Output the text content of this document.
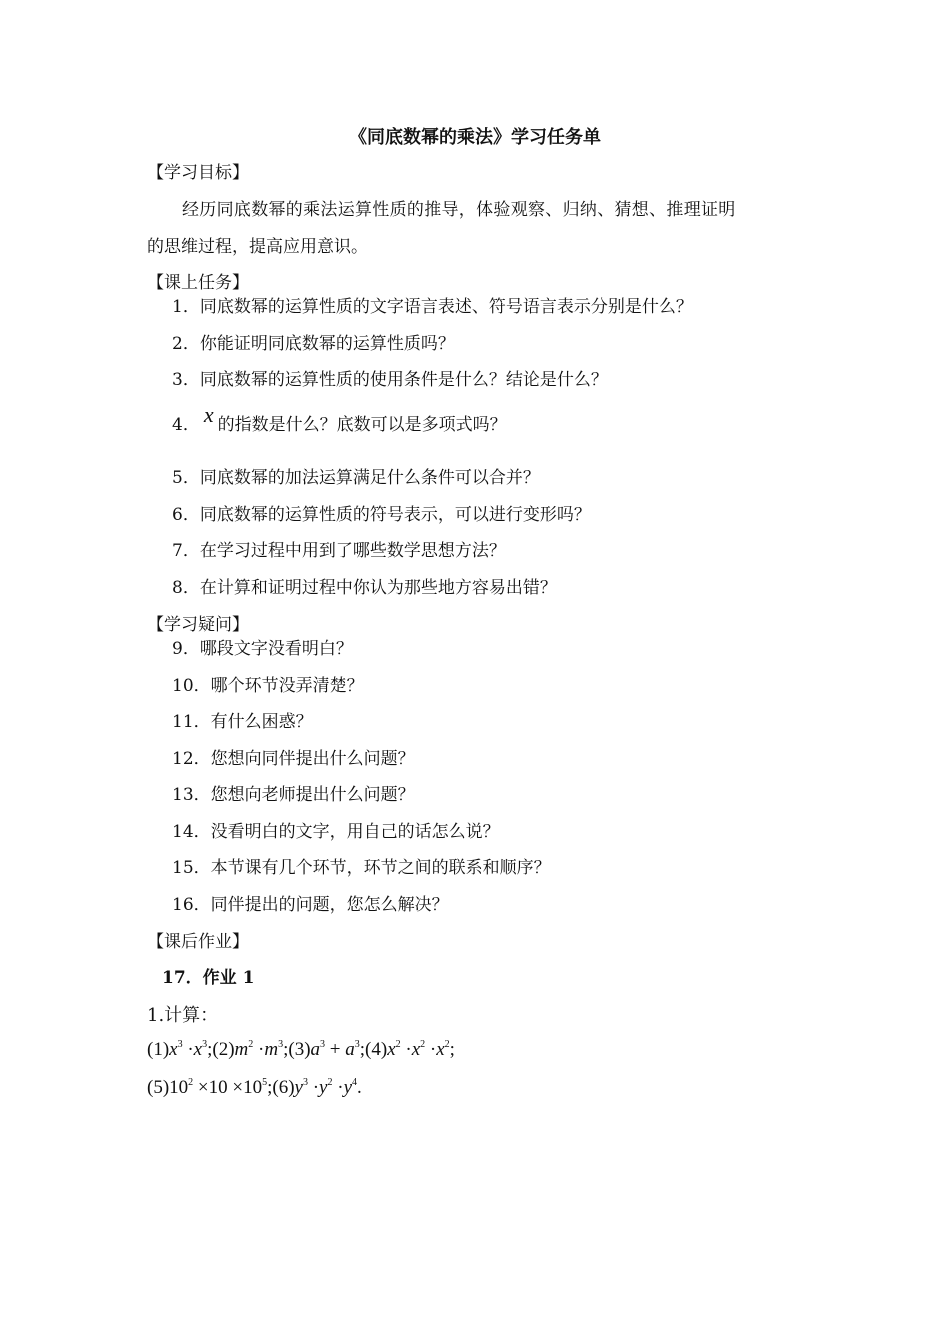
《同底数幂的乘法》学习任务单
【学习目标】
经历同底数幂的乘法运算性质的推导，体验观察、归纳、猜想、推理证明
的思维过程，提高应用意识。
【课上任务】
1．同底数幂的运算性质的文字语言表述、符号语言表示分别是什么？
2．你能证明同底数幂的运算性质吗？
3．同底数幂的运算性质的使用条件是什么？结论是什么？
4． x 的指数是什么？底数可以是多项式吗？
5．同底数幂的加法运算满足什么条件可以合并？
6．同底数幂的运算性质的符号表示，可以进行变形吗？
7．在学习过程中用到了哪些数学思想方法？
8．在计算和证明过程中你认为那些地方容易出错？
【学习疑问】
9．哪段文字没看明白？
10．哪个环节没弄清楚？
11．有什么困惑？
12．您想向同伴提出什么问题？
13．您想向老师提出什么问题？
14．没看明白的文字，用自己的话怎么说？
15．本节课有几个环节，环节之间的联系和顺序？
16．同伴提出的问题，您怎么解决？
【课后作业】
17．作业 1
1.计算：
$(1)x^3$ $\cdot x^3;(2)m^2$ $\cdot m^3;(3)a^3$ + $a^3;(4)x^2 \cdot x^2 \cdot x^2$;
$(5)10^2 \times 10$ $\times 10^5;(6)y^3 \cdot y^2 \cdot y^4$.
